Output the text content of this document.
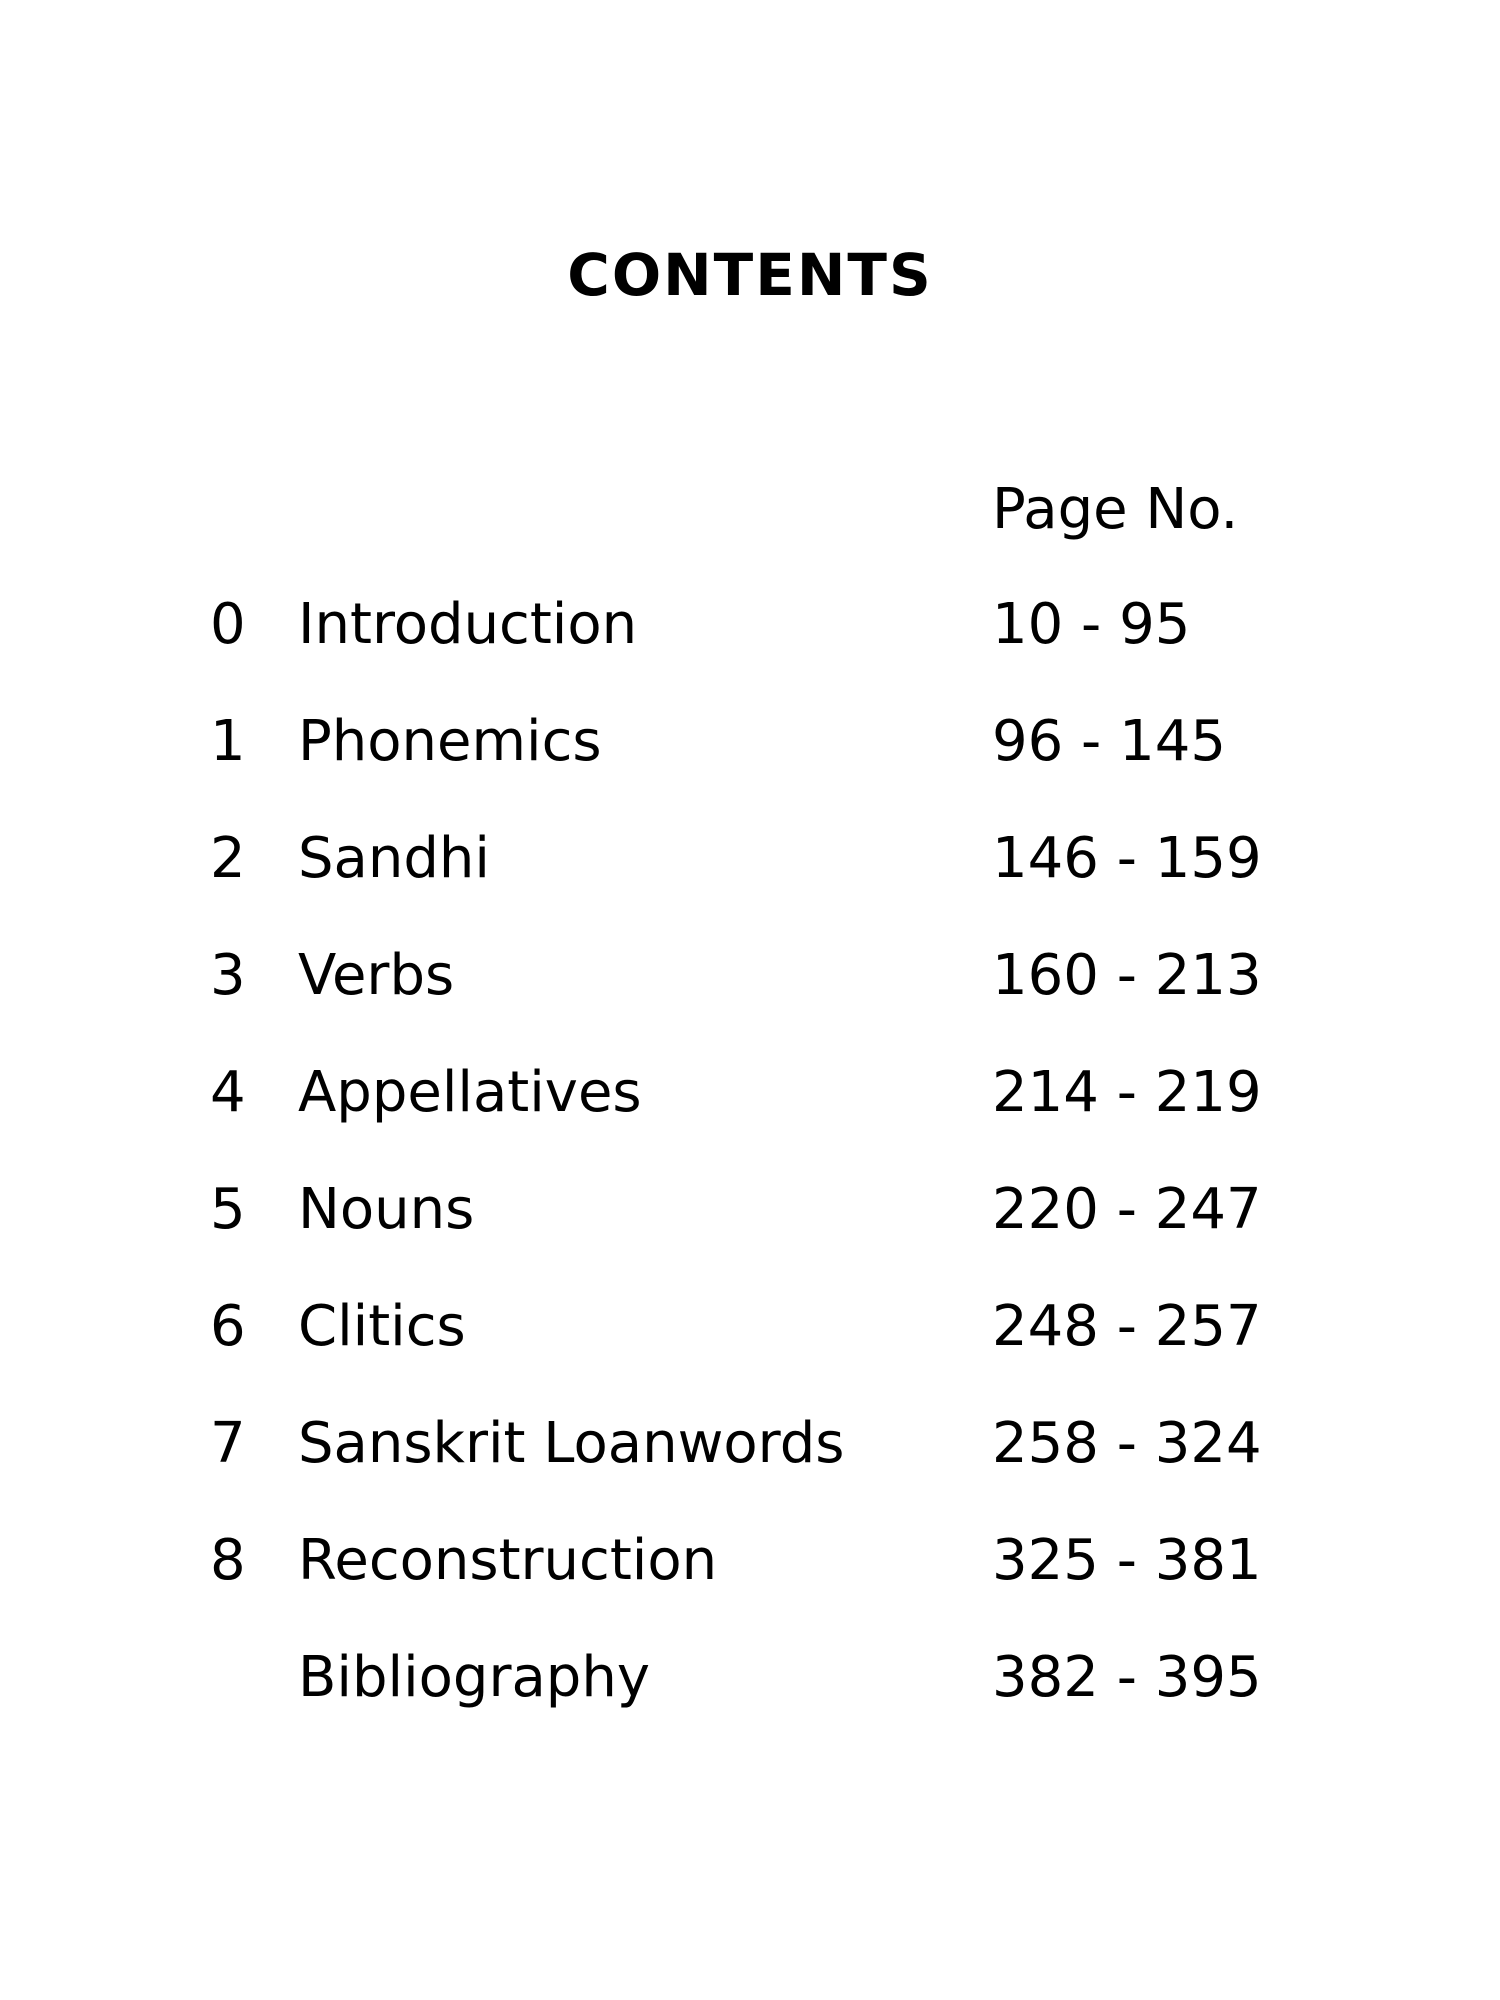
CONTENTS
Page No.
0 Introduction	10 - 95
1 Phonemics	96 - 145
2 Sandhi	146 - 159
3 Verbs	160 - 213
4 Appellatives	214 - 219
5 Nouns	220 - 247
6 Clitics	248 - 257
7 Sanskrit Loanwords	258 - 324
8 Reconstruction	325 - 381
Bibliography	382 - 395
